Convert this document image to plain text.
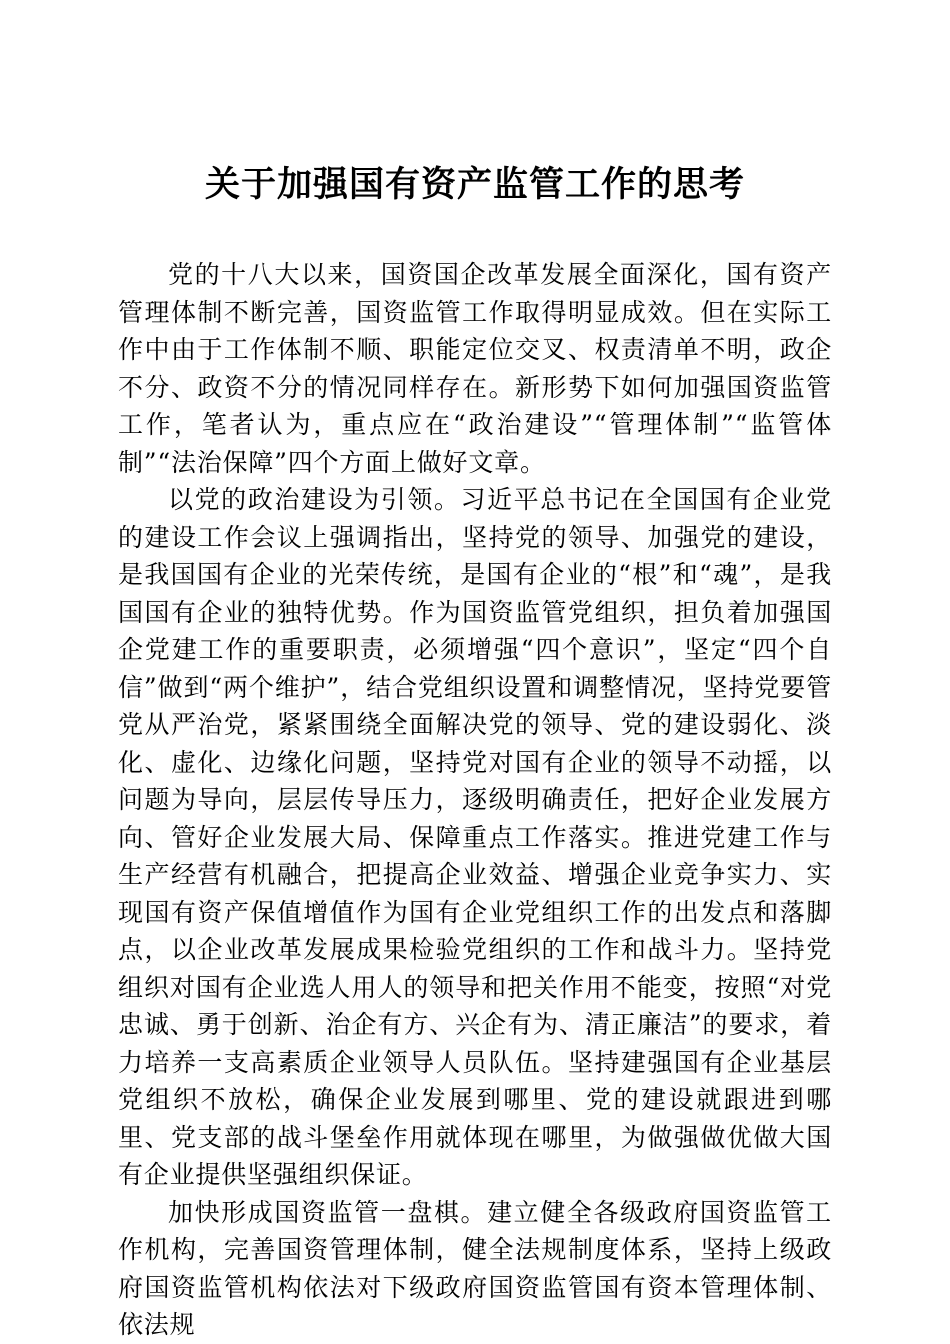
关于加强国有资产监管工作的思考

党的十八大以来，国资国企改革发展全面深化，国有资产管理体制不断完善，国资监管工作取得明显成效。但在实际工作中由于工作体制不顺、职能定位交叉、权责清单不明，政企不分、政资不分的情况同样存在。新形势下如何加强国资监管工作，笔者认为，重点应在“政治建设”“管理体制”“监管体制”“法治保障”四个方面上做好文章。

以党的政治建设为引领。习近平总书记在全国国有企业党的建设工作会议上强调指出，坚持党的领导、加强党的建设，是我国国有企业的光荣传统，是国有企业的“根”和“魂”，是我国国有企业的独特优势。作为国资监管党组织，担负着加强国企党建工作的重要职责，必须增强“四个意识”，坚定“四个自信”做到“两个维护”，结合党组织设置和调整情况，坚持党要管党从严治党，紧紧围绕全面解决党的领导、党的建设弱化、淡化、虚化、边缘化问题，坚持党对国有企业的领导不动摇，以问题为导向，层层传导压力，逐级明确责任，把好企业发展方向、管好企业发展大局、保障重点工作落实。推进党建工作与生产经营有机融合，把提高企业效益、增强企业竞争实力、实现国有资产保值增值作为国有企业党组织工作的出发点和落脚点，以企业改革发展成果检验党组织的工作和战斗力。坚持党组织对国有企业选人用人的领导和把关作用不能变，按照“对党忠诚、勇于创新、治企有方、兴企有为、清正廉洁”的要求，着力培养一支高素质企业领导人员队伍。坚持建强国有企业基层党组织不放松，确保企业发展到哪里、党的建设就跟进到哪里、党支部的战斗堡垒作用就体现在哪里，为做强做优做大国有企业提供坚强组织保证。

加快形成国资监管一盘棋。建立健全各级政府国资监管工作机构，完善国资管理体制，健全法规制度体系，坚持上级政府国资监管机构依法对下级政府国资监管国有资本管理体制、依法规
